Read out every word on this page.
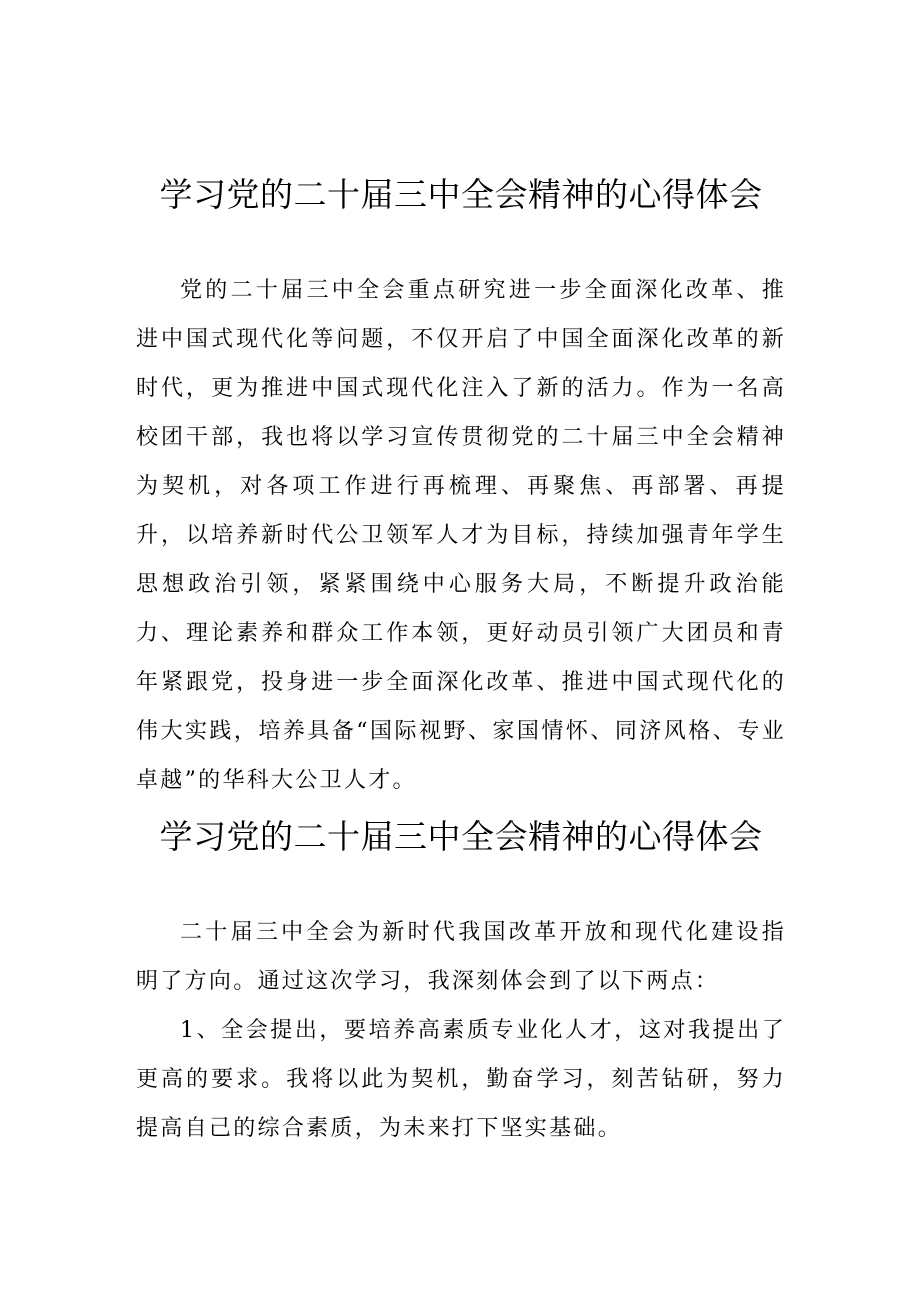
学习党的二十届三中全会精神的心得体会

党的二十届三中全会重点研究进一步全面深化改革、推进中国式现代化等问题，不仅开启了中国全面深化改革的新时代，更为推进中国式现代化注入了新的活力。作为一名高校团干部，我也将以学习宣传贯彻党的二十届三中全会精神为契机，对各项工作进行再梳理、再聚焦、再部署、再提升，以培养新时代公卫领军人才为目标，持续加强青年学生思想政治引领，紧紧围绕中心服务大局，不断提升政治能力、理论素养和群众工作本领，更好动员引领广大团员和青年紧跟党，投身进一步全面深化改革、推进中国式现代化的伟大实践，培养具备“国际视野、家国情怀、同济风格、专业卓越”的华科大公卫人才。

学习党的二十届三中全会精神的心得体会

二十届三中全会为新时代我国改革开放和现代化建设指明了方向。通过这次学习，我深刻体会到了以下两点：

1、全会提出，要培养高素质专业化人才，这对我提出了更高的要求。我将以此为契机，勤奋学习，刻苦钻研，努力提高自己的综合素质，为未来打下坚实基础。
